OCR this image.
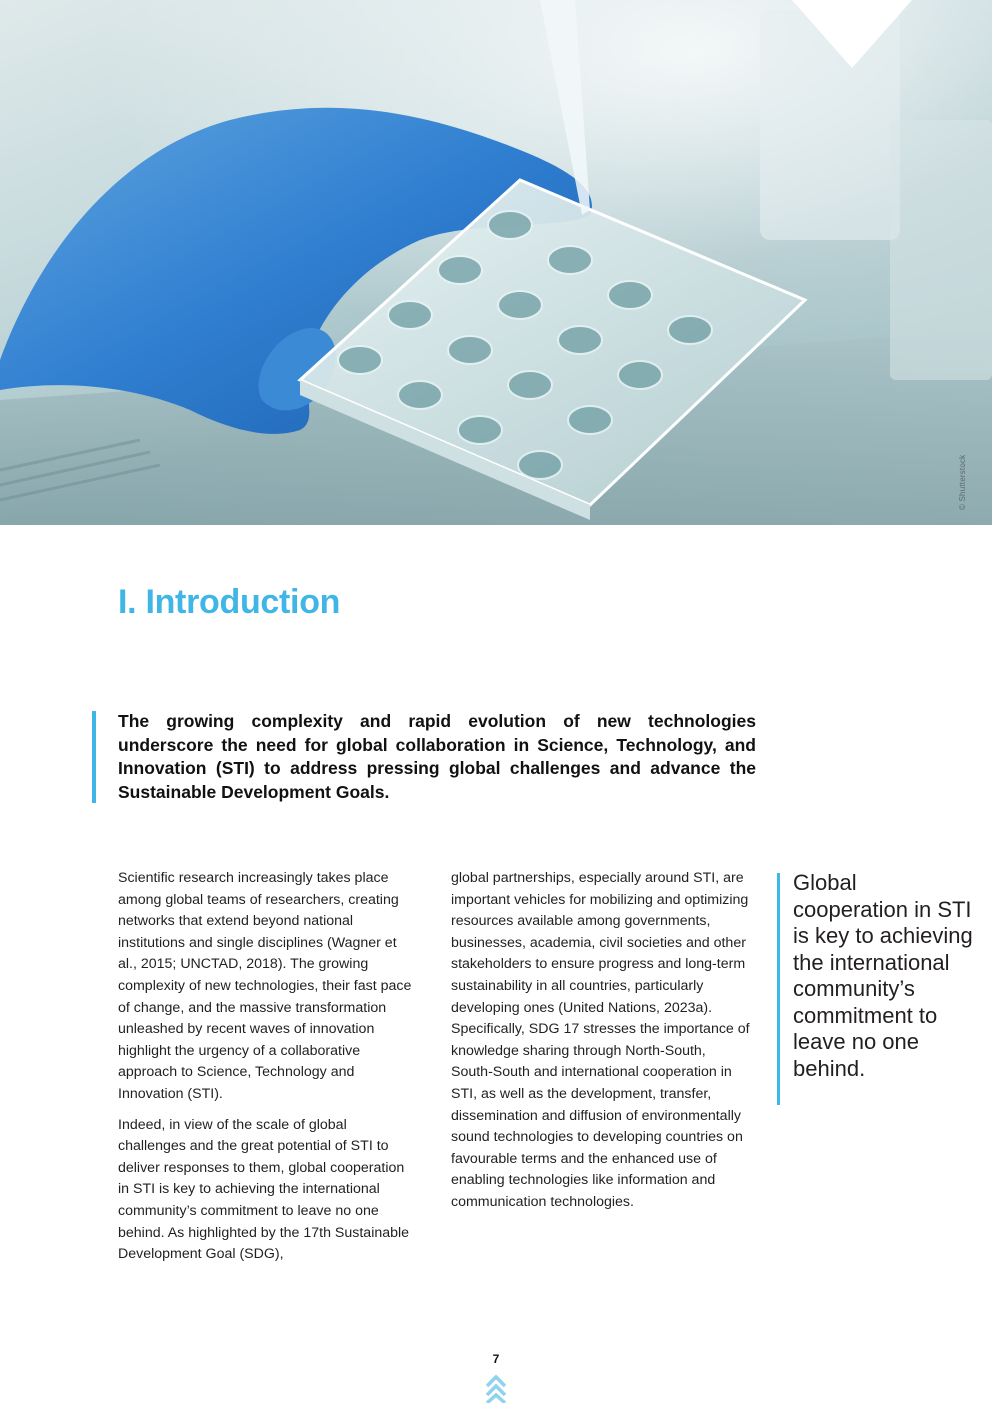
© Shutterstock
I. Introduction

The growing complexity and rapid evolution of new technologies underscore the need for global collaboration in Science, Technology, and Innovation (STI) to address pressing global challenges and advance the Sustainable Development Goals.

Scientific research increasingly takes place among global teams of researchers, creating networks that extend beyond national institutions and single disciplines (Wagner et al., 2015; UNCTAD, 2018). The growing complexity of new technologies, their fast pace of change, and the massive transformation unleashed by recent waves of innovation highlight the urgency of a collaborative approach to Science, Technology and Innovation (STI).

Indeed, in view of the scale of global challenges and the great potential of STI to deliver responses to them, global cooperation in STI is key to achieving the international community’s commitment to leave no one behind. As highlighted by the 17th Sustainable Development Goal (SDG),

global partnerships, especially around STI, are important vehicles for mobilizing and optimizing resources available among governments, businesses, academia, civil societies and other stakeholders to ensure progress and long-term sustainability in all countries, particularly developing ones (United Nations, 2023a). Specifically, SDG 17 stresses the importance of knowledge sharing through North-South, South-South and international cooperation in STI, as well as the development, transfer, dissemination and diffusion of environmentally sound technologies to developing countries on favourable terms and the enhanced use of enabling technologies like information and communication technologies.

Global cooperation in STI is key to achieving the international community’s commitment to leave no one behind.

7
